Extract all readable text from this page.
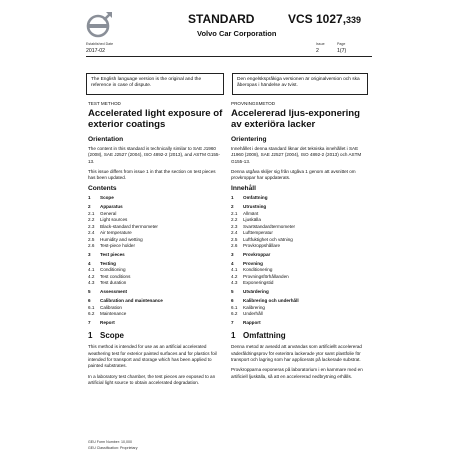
STANDARD	VCS 1027,339
Volvo Car Corporation
Established Date
2017-02
Issue
2
Page
1(7)
The English language version is the original and the reference in case of dispute.
Den engelskspråkiga versionen är originalversion och ska åberopas i händelse av tvist.
TEST METHOD
Accelerated light exposure of exterior coatings
Orientation
The content in this standard is technically similar to SAE J1960 (2008), SAE J2527 (2004), ISO 4892-2 (2013), and ASTM G155-13.
This issue differs from issue 1 in that the section on test pieces has been updated.
Contents
1	Scope
2	Apparatus
2.1	General
2.2	Light sources
2.3	Black-standard thermometer
2.4	Air temperature
2.5	Humidity and wetting
2.6	Test-piece holder
3	Test pieces
4	Testing
4.1	Conditioning
4.2	Test conditions
4.3	Test duration
5	Assessment
6	Calibration and maintenance
6.1	Calibration
6.2	Maintenance
7	Report
1 Scope
This method is intended for use as an artificial accelerated weathering test for exterior painted surfaces and for plastics foil intended for transport and storage which has been applied to painted substrates.
In a laboratory test chamber, the test pieces are exposed to an artificial light source to obtain accelerated degradation.
PROVNINGSMETOD
Accelererad ljus-exponering av exteriöra lacker
Orientering
Innehållet i denna standard liknar det tekniska innehållet i SAE J1960 (2008), SAE J2527 (2004), ISO 4892-2 (2013) och ASTM G155-13.
Denna utgåva skiljer sig från utgåva 1 genom att avsnittet om provkroppar har uppdaterats.
Innehåll
1	Omfattning
2	Utrustning
2.1	Allmänt
2.2	Ljuskälla
2.3	Svartstandardtermometer
2.4	Lufttemperatur
2.5	Luftfuktighet och vätning
2.6	Provkroppshållare
3	Provkroppar
4	Provning
4.1	Konditionering
4.2	Provningsförhållanden
4.3	Exponeringstid
5	Utvärdering
6	Kalibrering och underhåll
6.1	Kalibrering
6.2	Underhåll
7	Rapport
1 Omfattning
Denna metod är avsedd att användas som artificiellt accelererad väderåldringsprov för exteriöra lackerade ytor samt plastfolie för transport och lagring som har applicerats på lackerade substrat.
Provkropparna exponeras på laboratorium i en kammare med en artificiell ljuskälla, så att en accelererad nedbrytning erhålls.
GEU Form Number: 10,000
GEU Classification: Proprietary
